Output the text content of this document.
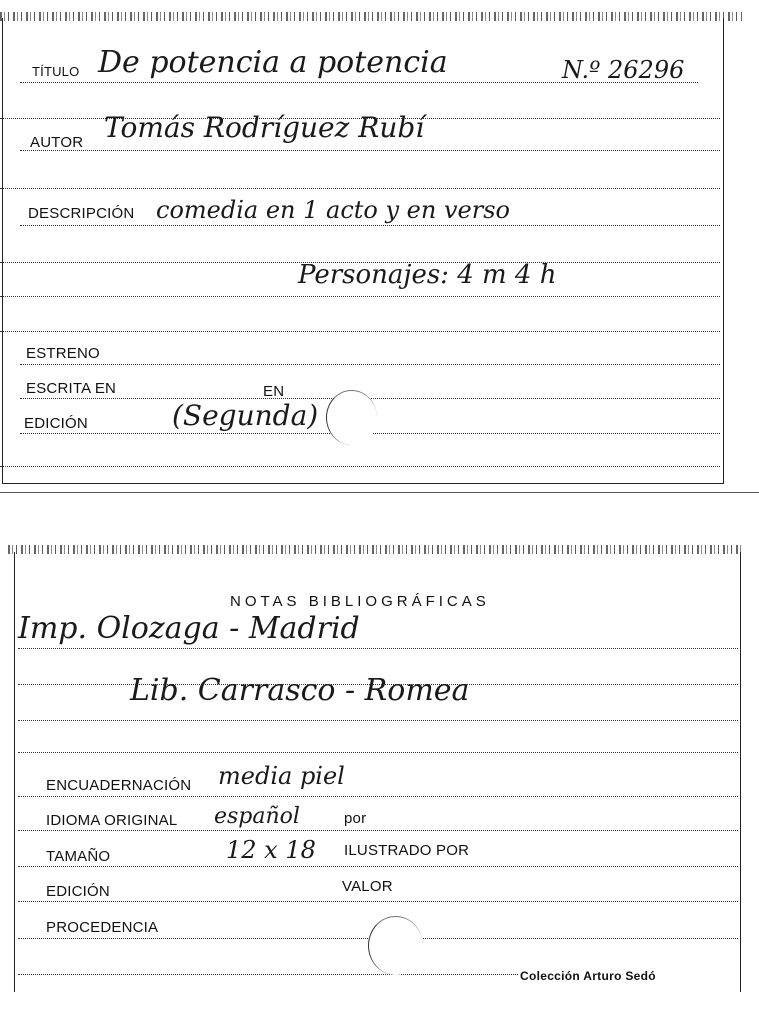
TÍTULO De potencia a potencia	N.º 26296
AUTOR Tomás Rodríguez Rubí
DESCRIPCIÓN comedia en 1 acto y en verso
Personajes: 4 m 4 h
ESTRENO
ESCRITA EN	EN
EDICIÓN	(Segunda)
NOTAS BIBLIOGRÁFICAS
Imp. Olozaga - Madrid
Lib. Carrasco - Romea
ENCUADERNACIÓN media piel
IDIOMA ORIGINAL español	por
TAMAÑO	12 x 18 ILUSTRADO POR
EDICIÓN	VALOR
PROCEDENCIA
Colección Arturo Sedó
